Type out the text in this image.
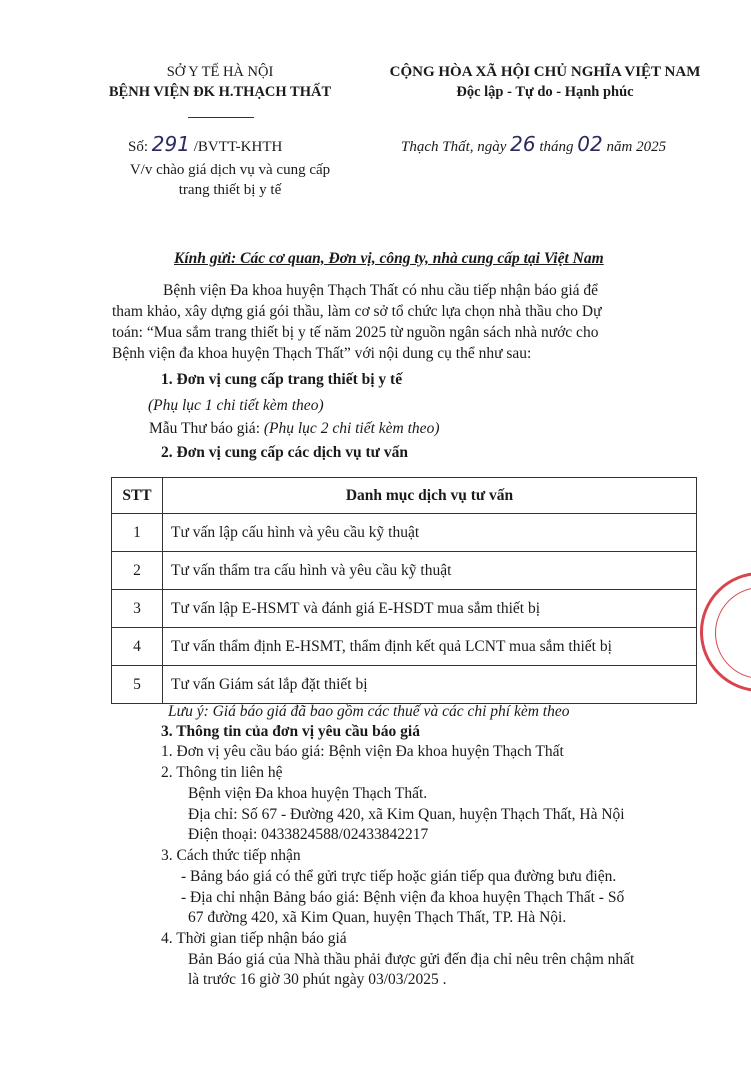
SỞ Y TẾ HÀ NỘI
BỆNH VIỆN ĐK H.THẠCH THẤT
CỘNG HÒA XÃ HỘI CHỦ NGHĨA VIỆT NAM
Độc lập - Tự do - Hạnh phúc
Số: 291 /BVTT-KHTH
V/v chào giá dịch vụ và cung cấp
trang thiết bị y tế
Thạch Thất, ngày 26 tháng 02 năm 2025
Kính gửi: Các cơ quan, Đơn vị, công ty, nhà cung cấp tại Việt Nam
Bệnh viện Đa khoa huyện Thạch Thất có nhu cầu tiếp nhận báo giá để
tham khảo, xây dựng giá gói thầu, làm cơ sở tổ chức lựa chọn nhà thầu cho Dự
toán: “Mua sắm trang thiết bị y tế năm 2025 từ nguồn ngân sách nhà nước cho
Bệnh viện đa khoa huyện Thạch Thất” với nội dung cụ thể như sau:
1. Đơn vị cung cấp trang thiết bị y tế
(Phụ lục 1 chi tiết kèm theo)
Mẫu Thư báo giá: (Phụ lục 2 chi tiết kèm theo)
2. Đơn vị cung cấp các dịch vụ tư vấn
STT	Danh mục dịch vụ tư vấn
1	Tư vấn lập cấu hình và yêu cầu kỹ thuật
2	Tư vấn thẩm tra cấu hình và yêu cầu kỹ thuật
3	Tư vấn lập E-HSMT và đánh giá E-HSDT mua sắm thiết bị
4	Tư vấn thẩm định E-HSMT, thẩm định kết quả LCNT mua sắm thiết bị
5	Tư vấn Giám sát lắp đặt thiết bị
Lưu ý: Giá báo giá đã bao gồm các thuế và các chi phí kèm theo
3. Thông tin của đơn vị yêu cầu báo giá
1. Đơn vị yêu cầu báo giá: Bệnh viện Đa khoa huyện Thạch Thất
2. Thông tin liên hệ
Bệnh viện Đa khoa huyện Thạch Thất.
Địa chỉ: Số 67 - Đường 420, xã Kim Quan, huyện Thạch Thất, Hà Nội
Điện thoại: 0433824588/02433842217
3. Cách thức tiếp nhận
- Bảng báo giá có thể gửi trực tiếp hoặc gián tiếp qua đường bưu điện.
- Địa chỉ nhận Bảng báo giá: Bệnh viện đa khoa huyện Thạch Thất - Số
67 đường 420, xã Kim Quan, huyện Thạch Thất, TP. Hà Nội.
4. Thời gian tiếp nhận báo giá
Bản Báo giá của Nhà thầu phải được gửi đến địa chỉ nêu trên chậm nhất
là trước 16 giờ 30 phút ngày 03/03/2025 .
